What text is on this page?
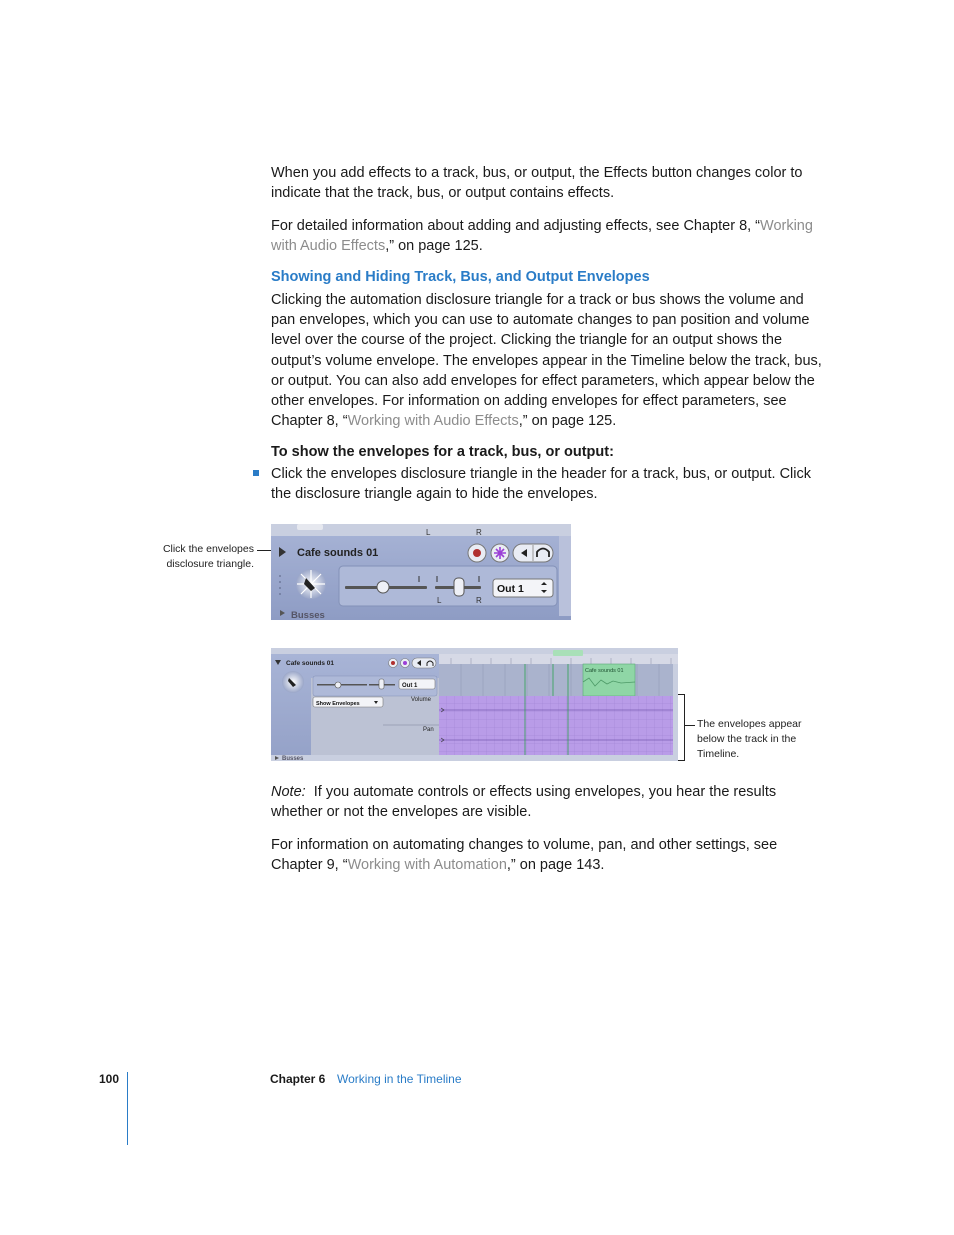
When you add effects to a track, bus, or output, the Effects button changes color to indicate that the track, bus, or output contains effects.

For detailed information about adding and adjusting effects, see Chapter 8, “Working with Audio Effects,” on page 125.

Showing and Hiding Track, Bus, and Output Envelopes

Clicking the automation disclosure triangle for a track or bus shows the volume and pan envelopes, which you can use to automate changes to pan position and volume level over the course of the project. Clicking the triangle for an output shows the output’s volume envelope. The envelopes appear in the Timeline below the track, bus, or output. You can also add envelopes for effect parameters, which appear below the other envelopes. For information on adding envelopes for effect parameters, see Chapter 8, “Working with Audio Effects,” on page 125.

To show the envelopes for a track, bus, or output:

Click the envelopes disclosure triangle in the header for a track, bus, or output. Click the disclosure triangle again to hide the envelopes.

Click the envelopes
disclosure triangle.
L	R
Cafe sounds 01
L	R
Out 1
Busses
Cafe sounds 01
Out 1
Show Envelopes
Volume
Pan
Busses
Cafe sounds 01
The envelopes appear
below the track in the
Timeline.

Note: If you automate controls or effects using envelopes, you hear the results whether or not the envelopes are visible.

For information on automating changes to volume, pan, and other settings, see Chapter 9, “Working with Automation,” on page 143.

100	Chapter 6 Working in the Timeline
